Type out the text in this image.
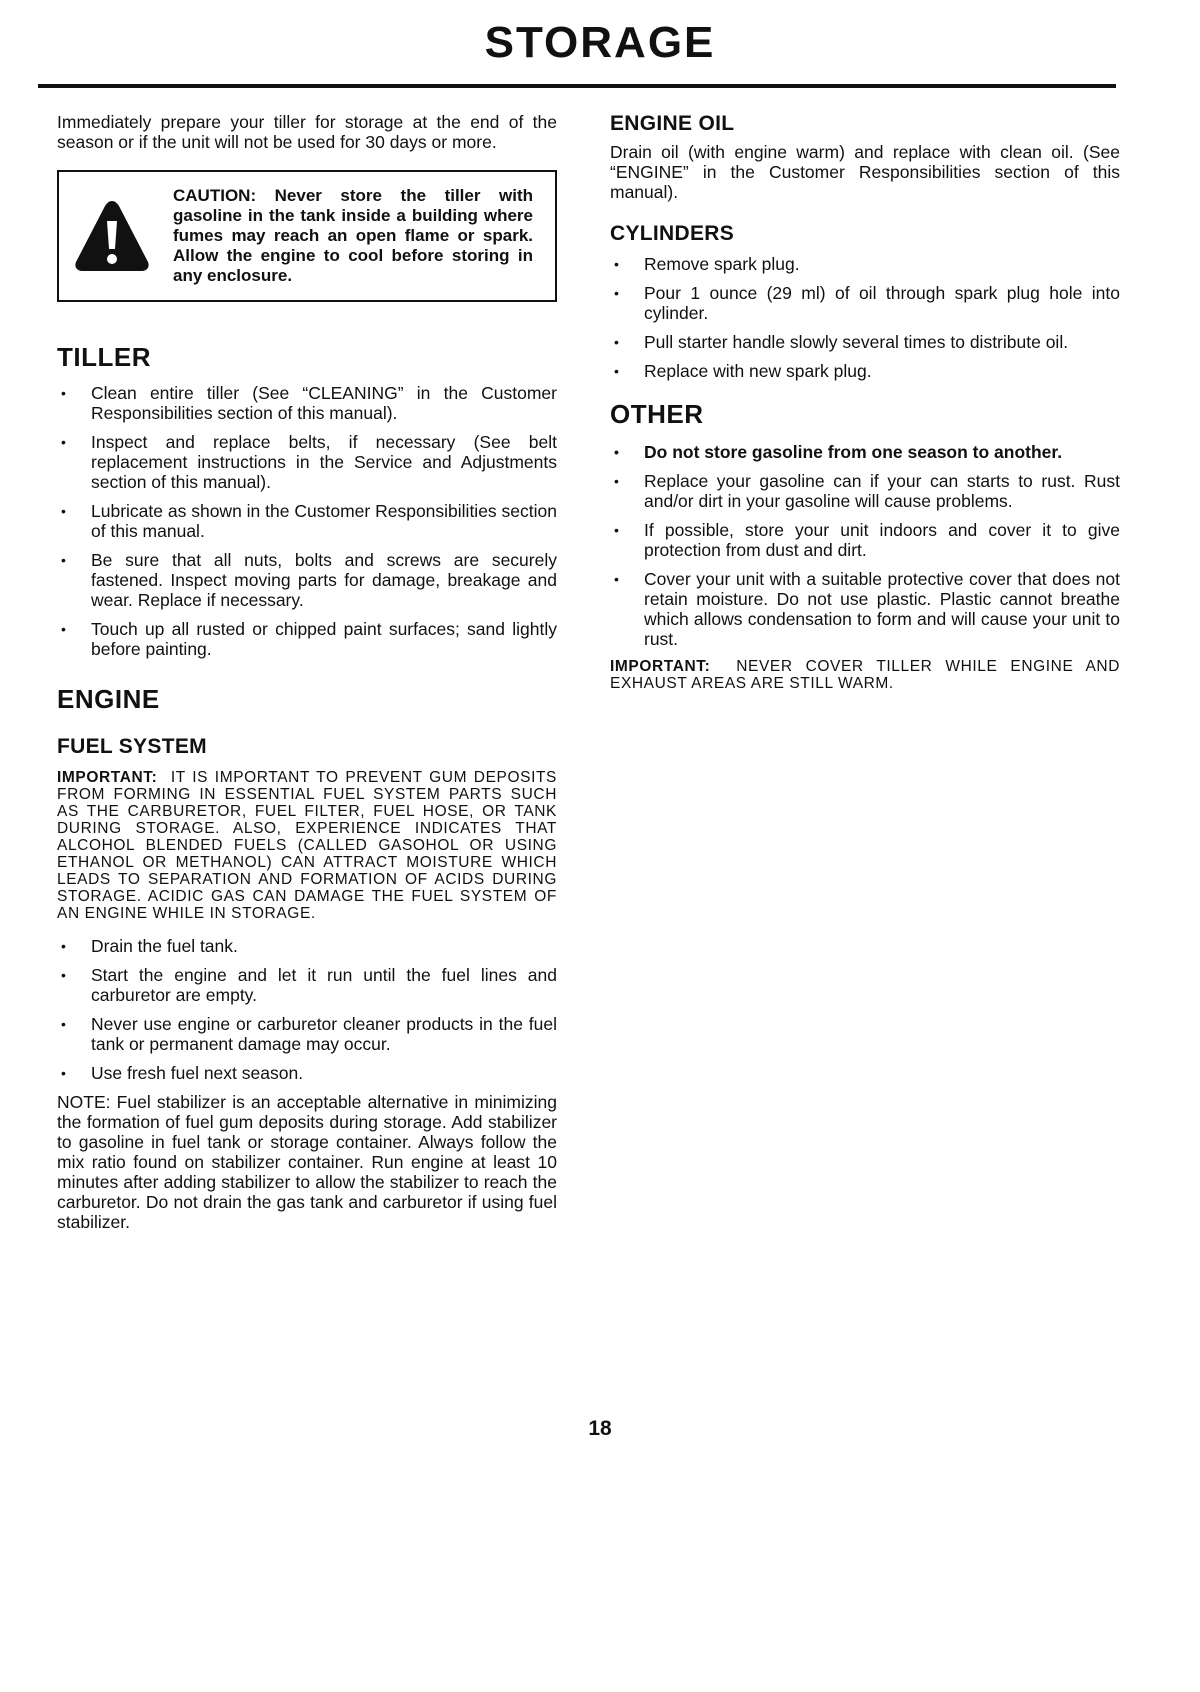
STORAGE

Immediately prepare your tiller for storage at the end of the season or if the unit will not be used for 30 days or more.

CAUTION: Never store the tiller with gasoline in the tank inside a building where fumes may reach an open flame or spark. Allow the engine to cool before storing in any enclosure.

TILLER
• Clean entire tiller (See “CLEANING” in the Customer Responsibilities section of this manual).
• Inspect and replace belts, if necessary (See belt replacement instructions in the Service and Adjustments section of this manual).
• Lubricate as shown in the Customer Responsibilities section of this manual.
• Be sure that all nuts, bolts and screws are securely fastened. Inspect moving parts for damage, breakage and wear. Replace if necessary.
• Touch up all rusted or chipped paint surfaces; sand lightly before painting.
ENGINE
FUEL SYSTEM

IMPORTANT: IT IS IMPORTANT TO PREVENT GUM DEPOSITS FROM FORMING IN ESSENTIAL FUEL SYSTEM PARTS SUCH AS THE CARBURETOR, FUEL FILTER, FUEL HOSE, OR TANK DURING STORAGE. ALSO, EXPERIENCE INDICATES THAT ALCOHOL BLENDED FUELS (CALLED GASOHOL OR USING ETHANOL OR METHANOL) CAN ATTRACT MOISTURE WHICH LEADS TO SEPARATION AND FORMATION OF ACIDS DURING STORAGE. ACIDIC GAS CAN DAMAGE THE FUEL SYSTEM OF AN ENGINE WHILE IN STORAGE.

• Drain the fuel tank.
• Start the engine and let it run until the fuel lines and carburetor are empty.
• Never use engine or carburetor cleaner products in the fuel tank or permanent damage may occur.
• Use fresh fuel next season.

NOTE: Fuel stabilizer is an acceptable alternative in minimizing the formation of fuel gum deposits during storage. Add stabilizer to gasoline in fuel tank or storage container. Always follow the mix ratio found on stabilizer container. Run engine at least 10 minutes after adding stabilizer to allow the stabilizer to reach the carburetor. Do not drain the gas tank and carburetor if using fuel stabilizer.

ENGINE OIL

Drain oil (with engine warm) and replace with clean oil. (See “ENGINE” in the Customer Responsibilities section of this manual).

CYLINDERS
• Remove spark plug.
• Pour 1 ounce (29 ml) of oil through spark plug hole into cylinder.
• Pull starter handle slowly several times to distribute oil.
• Replace with new spark plug.
OTHER
• Do not store gasoline from one season to another.
• Replace your gasoline can if your can starts to rust. Rust and/or dirt in your gasoline will cause problems.
• If possible, store your unit indoors and cover it to give protection from dust and dirt.
• Cover your unit with a suitable protective cover that does not retain moisture. Do not use plastic. Plastic cannot breathe which allows condensation to form and will cause your unit to rust.

IMPORTANT: NEVER COVER TILLER WHILE ENGINE AND EXHAUST AREAS ARE STILL WARM.

18
